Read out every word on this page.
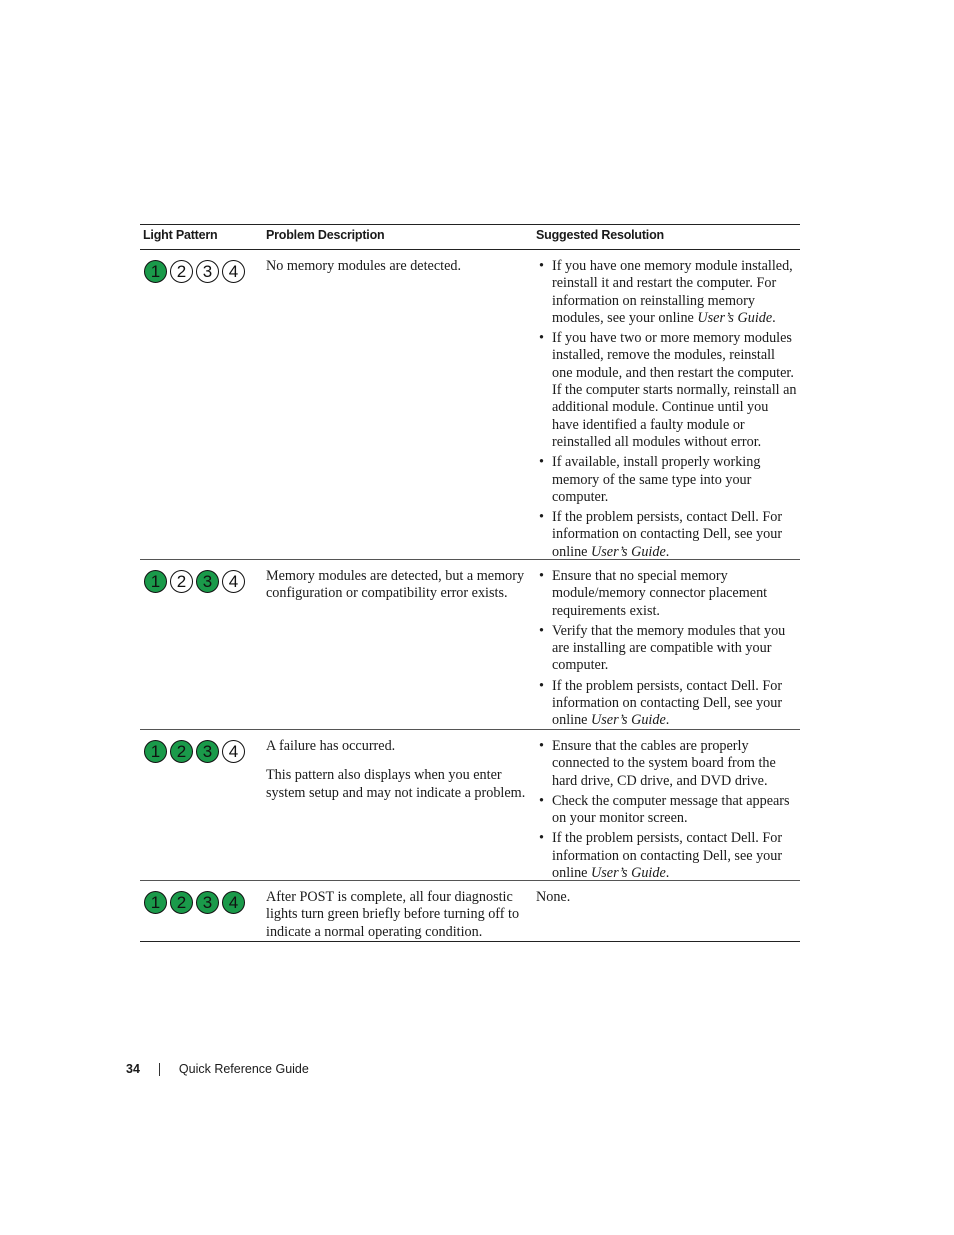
Light Pattern	Problem Description	Suggested Resolution
1 2 3 4	No memory modules are detected.

•	If you have one memory module installed, reinstall it and restart the computer. For information on reinstalling memory modules, see your online User’s Guide.
• If you have two or more memory modules installed, remove the modules, reinstall one module, and then restart the computer. If the computer starts normally, reinstall an additional module. Continue until you have identified a faulty module or reinstalled all modules without error.
• If available, install properly working memory of the same type into your computer.
• If the problem persists, contact Dell. For information on contacting Dell, see your online User’s Guide.
1 2 3 4	Memory modules are detected, but a memory configuration or compatibility error exists.

• Ensure that no special memory module/memory connector placement requirements exist.
• Verify that the memory modules that you are installing are compatible with your computer.
• If the problem persists, contact Dell. For information on contacting Dell, see your online User’s Guide.
1 2 3 4	A failure has occurred.

This pattern also displays when you enter system setup and may not indicate a problem.

• Ensure that the cables are properly connected to the system board from the hard drive, CD drive, and DVD drive.
• Check the computer message that appears on your monitor screen.
• If the problem persists, contact Dell. For information on contacting Dell, see your online User’s Guide.
1 2 3 4	After POST is complete, all four diagnostic lights turn green briefly before turning off to indicate a normal operating condition.

None.
34	Quick Reference Guide
